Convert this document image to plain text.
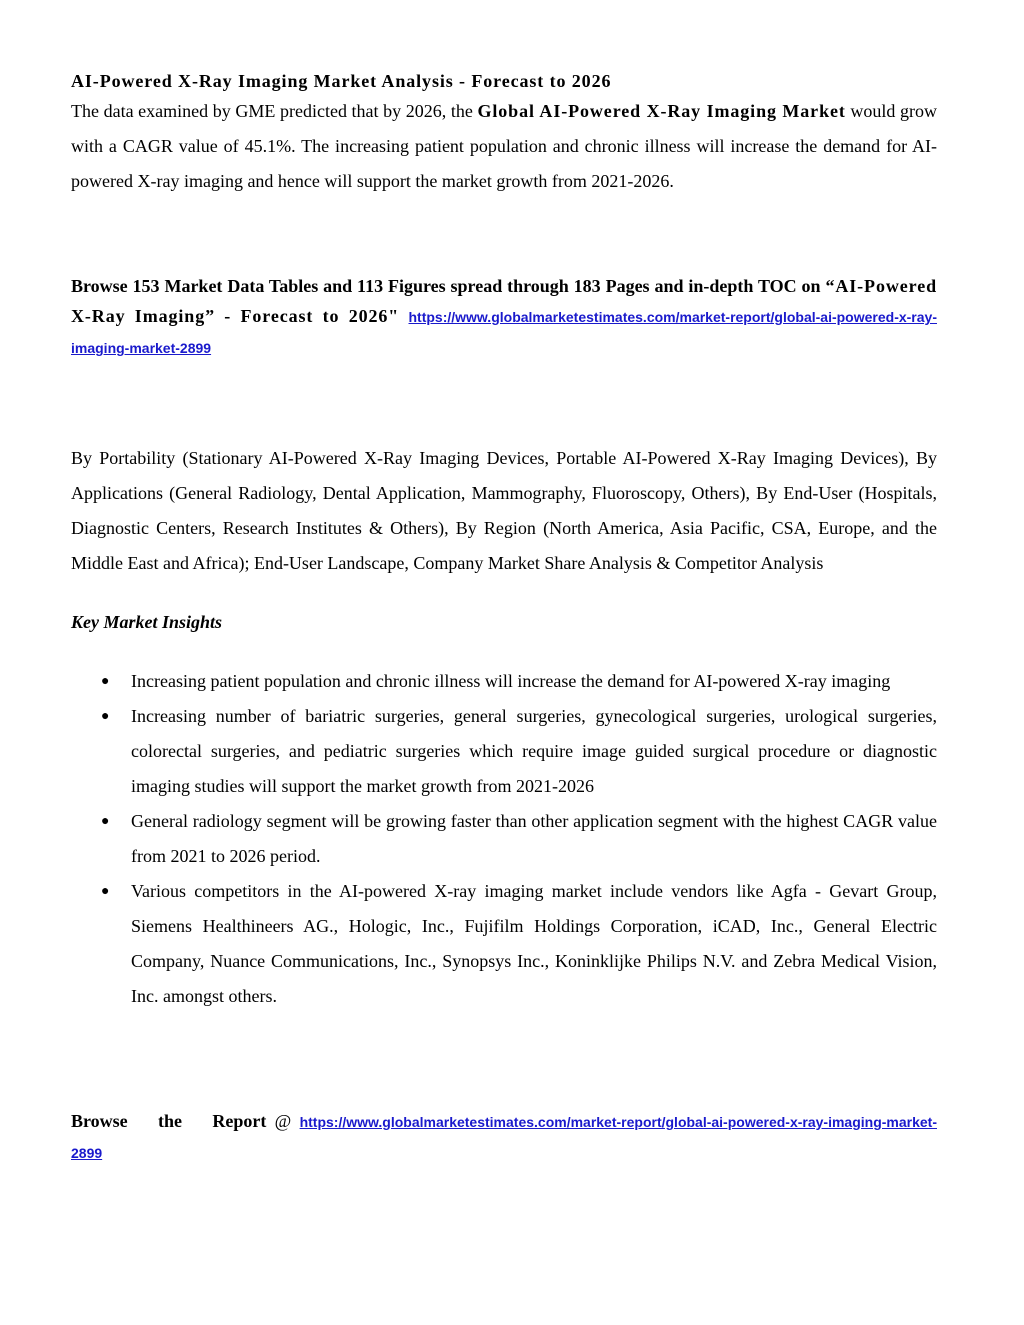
AI-Powered X-Ray Imaging Market Analysis - Forecast to 2026

The data examined by GME predicted that by 2026, the Global AI-Powered X-Ray Imaging Market would grow with a CAGR value of 45.1%. The increasing patient population and chronic illness will increase the demand for AI-powered X-ray imaging and hence will support the market growth from 2021-2026.

Browse 153 Market Data Tables and 113 Figures spread through 183 Pages and in-depth TOC on “AI-Powered X-Ray Imaging” - Forecast to 2026" https://www.globalmarketestimates.com/market-report/global-ai-powered-x-ray-imaging-market-2899

By Portability (Stationary AI-Powered X-Ray Imaging Devices, Portable AI-Powered X-Ray Imaging Devices), By Applications (General Radiology, Dental Application, Mammography, Fluoroscopy, Others), By End-User (Hospitals, Diagnostic Centers, Research Institutes & Others), By Region (North America, Asia Pacific, CSA, Europe, and the Middle East and Africa); End-User Landscape, Company Market Share Analysis & Competitor Analysis

Key Market Insights
● Increasing patient population and chronic illness will increase the demand for AI-powered X-ray imaging
● Increasing number of bariatric surgeries, general surgeries, gynecological surgeries, urological surgeries, colorectal surgeries, and pediatric surgeries which require image guided surgical procedure or diagnostic imaging studies will support the market growth from 2021-2026
● General radiology segment will be growing faster than other application segment with the highest CAGR value from 2021 to 2026 period.
● Various competitors in the AI-powered X-ray imaging market include vendors like Agfa - Gevart Group, Siemens Healthineers AG., Hologic, Inc., Fujifilm Holdings Corporation, iCAD, Inc., General Electric Company, Nuance Communications, Inc., Synopsys Inc., Koninklijke Philips N.V. and Zebra Medical Vision, Inc. amongst others.
Browse the Report @ https://www.globalmarketestimates.com/market-report/global-ai-powered-x-ray-imaging-market-2899
